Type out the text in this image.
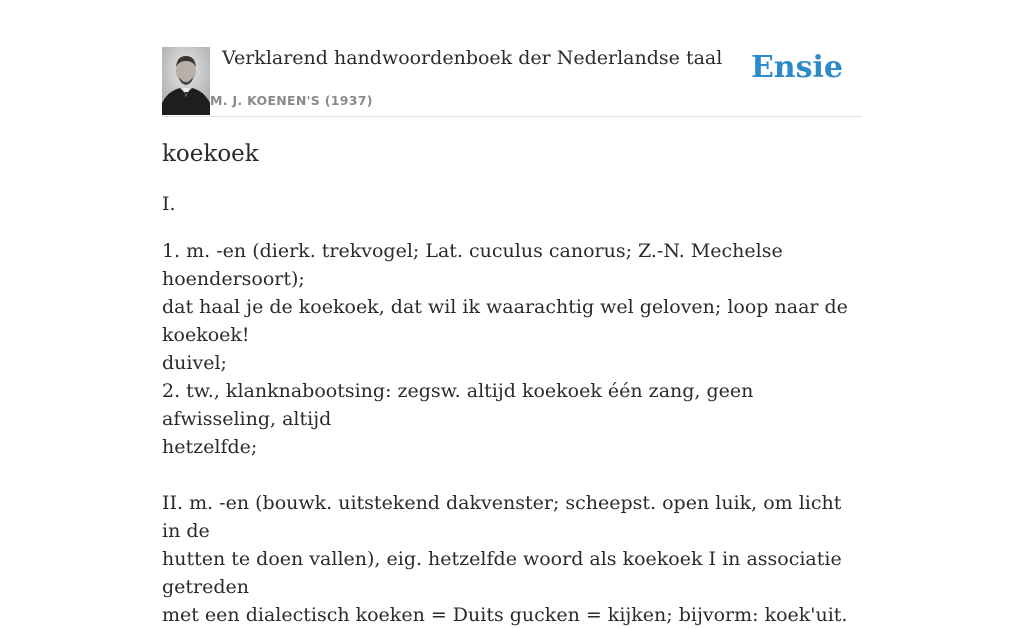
Verklarend handwoordenboek der Nederlandse taal
M. J. KOENEN'S (1937)
Ensie
koekoek
I.
1. m. -en (dierk. trekvogel; Lat. cuculus canorus; Z.-N. Mechelse hoendersoort);
dat haal je de koekoek, dat wil ik waarachtig wel geloven; loop naar de koekoek!
duivel;
2. tw., klanknabootsing: zegsw. altijd koekoek één zang, geen afwisseling, altijd
hetzelfde;
II. m. -en (bouwk. uitstekend dakvenster; scheepst. open luik, om licht in de
hutten te doen vallen), eig. hetzelfde woord als koekoek I in associatie getreden
met een dialectisch koeken = Duits gucken = kijken; bijvorm: koek'uit.
